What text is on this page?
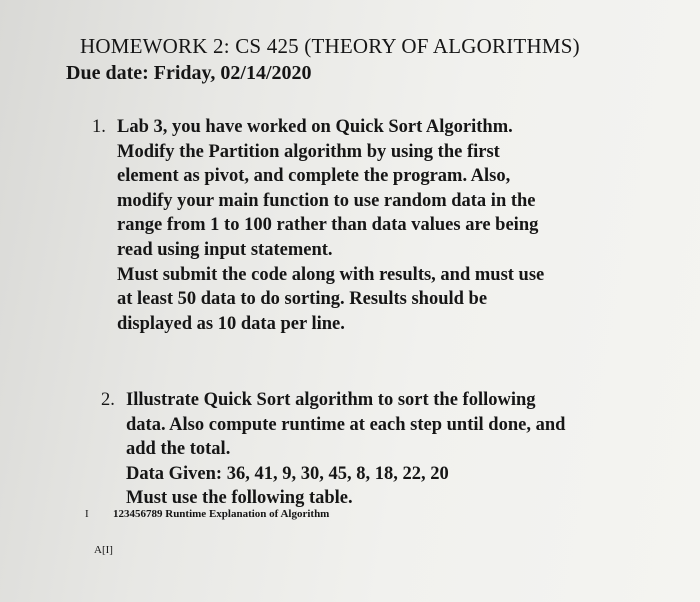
HOMEWORK 2: CS 425 (THEORY OF ALGORITHMS)
Due date: Friday, 02/14/2020
1. Lab 3, you have worked on Quick Sort Algorithm.
Modify the Partition algorithm by using the first
element as pivot, and complete the program. Also,
modify your main function to use random data in the
range from 1 to 100 rather than data values are being
read using input statement.
Must submit the code along with results, and must use
at least 50 data to do sorting. Results should be
displayed as 10 data per line.
2. Illustrate Quick Sort algorithm to sort the following
data. Also compute runtime at each step until done, and
add the total.
Data Given: 36, 41, 9, 30, 45, 8, 18, 22, 20
Must use the following table.
I 123456789 Runtime Explanation of Algorithm
A[I]
